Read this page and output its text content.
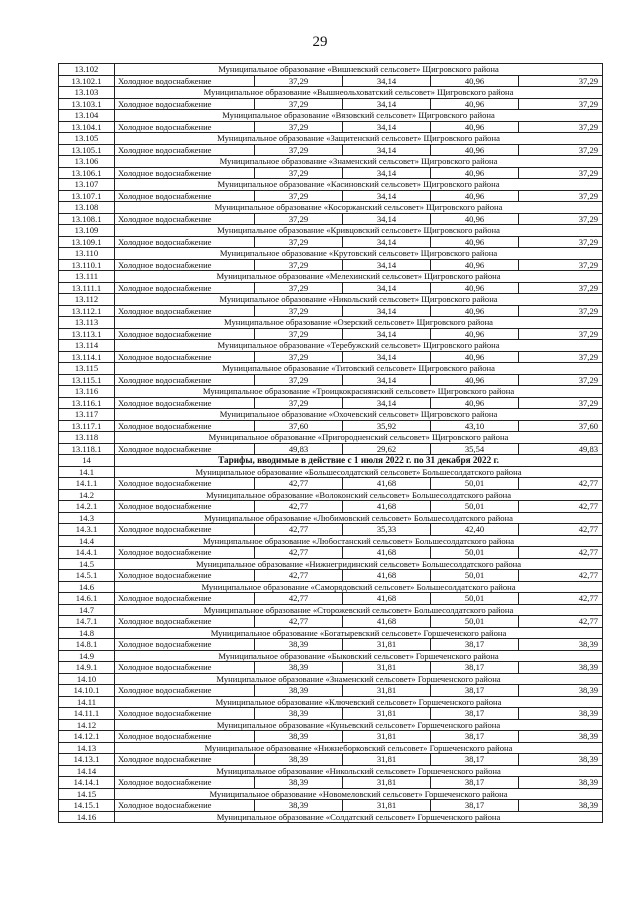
29
13.102	Муниципальное образование «Вишневский сельсовет» Щигровского района				
13.102.1	Холодное водоснабжение	37,29	34,14	40,96	37,29
13.103	Муниципальное образование «Вышнеольховатский сельсовет» Щигровского района				
13.103.1	Холодное водоснабжение	37,29	34,14	40,96	37,29
13.104	Муниципальное образование «Вязовский сельсовет» Щигровского района				
13.104.1	Холодное водоснабжение	37,29	34,14	40,96	37,29
13.105	Муниципальное образование «Защитенский сельсовет» Щигровского района				
13.105.1	Холодное водоснабжение	37,29	34,14	40,96	37,29
13.106	Муниципальное образование «Знаменский сельсовет» Щигровского района				
13.106.1	Холодное водоснабжение	37,29	34,14	40,96	37,29
13.107	Муниципальное образование «Касиновский сельсовет» Щигровского района				
13.107.1	Холодное водоснабжение	37,29	34,14	40,96	37,29
13.108	Муниципальное образование «Косоржанский сельсовет» Щигровского района				
13.108.1	Холодное водоснабжение	37,29	34,14	40,96	37,29
13.109	Муниципальное образование «Кривцовский сельсовет» Щигровского района				
13.109.1	Холодное водоснабжение	37,29	34,14	40,96	37,29
13.110	Муниципальное образование «Крутовский сельсовет» Щигровского района				
13.110.1	Холодное водоснабжение	37,29	34,14	40,96	37,29
13.111	Муниципальное образование «Мелехинский сельсовет» Щигровского района				
13.111.1	Холодное водоснабжение	37,29	34,14	40,96	37,29
13.112	Муниципальное образование «Никольский сельсовет» Щигровского района				
13.112.1	Холодное водоснабжение	37,29	34,14	40,96	37,29
13.113	Муниципальное образование «Озерский сельсовет» Щигровского района				
13.113.1	Холодное водоснабжение	37,29	34,14	40,96	37,29
13.114	Муниципальное образование «Теребужский сельсовет» Щигровского района				
13.114.1	Холодное водоснабжение	37,29	34,14	40,96	37,29
13.115	Муниципальное образование «Титовский сельсовет» Щигровского района				
13.115.1	Холодное водоснабжение	37,29	34,14	40,96	37,29
13.116	Муниципальное образование «Троицкокраснянский сельсовет» Щигровского района				
13.116.1	Холодное водоснабжение	37,29	34,14	40,96	37,29
13.117	Муниципальное образование «Охочевский сельсовет» Щигровского района				
13.117.1	Холодное водоснабжение	37,60	35,92	43,10	37,60
13.118	Муниципальное образование «Пригородненский сельсовет» Щигровского района				
13.118.1	Холодное водоснабжение	49,83	29,62	35,54	49,83
14	Тарифы, вводимые в действие с 1 июля 2022 г. по 31 декабря 2022 г.				
14.1	Муниципальное образование «Большесолдатский сельсовет» Большесолдатского района				
14.1.1	Холодное водоснабжение	42,77	41,68	50,01	42,77
14.2	Муниципальное образование «Волоконский сельсовет» Большесолдатского района				
14.2.1	Холодное водоснабжение	42,77	41,68	50,01	42,77
14.3	Муниципальное образование «Любимовский сельсовет» Большесолдатского района				
14.3.1	Холодное водоснабжение	42,77	35,33	42,40	42,77
14.4	Муниципальное образование «Любостанский сельсовет» Большесолдатского района				
14.4.1	Холодное водоснабжение	42,77	41,68	50,01	42,77
14.5	Муниципальное образование «Нижнегридинский сельсовет» Большесолдатского района				
14.5.1	Холодное водоснабжение	42,77	41,68	50,01	42,77
14.6	Муниципальное образование «Саморядовский сельсовет» Большесолдатского района				
14.6.1	Холодное водоснабжение	42,77	41,68	50,01	42,77
14.7	Муниципальное образование «Сторожевский сельсовет» Большесолдатского района				
14.7.1	Холодное водоснабжение	42,77	41,68	50,01	42,77
14.8	Муниципальное образование «Богатыревский сельсовет» Горшеченского района				
14.8.1	Холодное водоснабжение	38,39	31,81	38,17	38,39
14.9	Муниципальное образование «Быковский сельсовет» Горшеченского района				
14.9.1	Холодное водоснабжение	38,39	31,81	38,17	38,39
14.10	Муниципальное образование «Знаменский сельсовет» Горшеченского района				
14.10.1	Холодное водоснабжение	38,39	31,81	38,17	38,39
14.11	Муниципальное образование «Ключевский сельсовет» Горшеченского района				
14.11.1	Холодное водоснабжение	38,39	31,81	38,17	38,39
14.12	Муниципальное образование «Куньевский сельсовет» Горшеченского района				
14.12.1	Холодное водоснабжение	38,39	31,81	38,17	38,39
14.13	Муниципальное образование «Нижнеборковский сельсовет» Горшеченского района				
14.13.1	Холодное водоснабжение	38,39	31,81	38,17	38,39
14.14	Муниципальное образование «Никольский сельсовет» Горшеченского района				
14.14.1	Холодное водоснабжение	38,39	31,81	38,17	38,39
14.15	Муниципальное образование «Новомеловский сельсовет» Горшеченского района				
14.15.1	Холодное водоснабжение	38,39	31,81	38,17	38,39
14.16	Муниципальное образование «Солдатский сельсовет» Горшеченского района				
